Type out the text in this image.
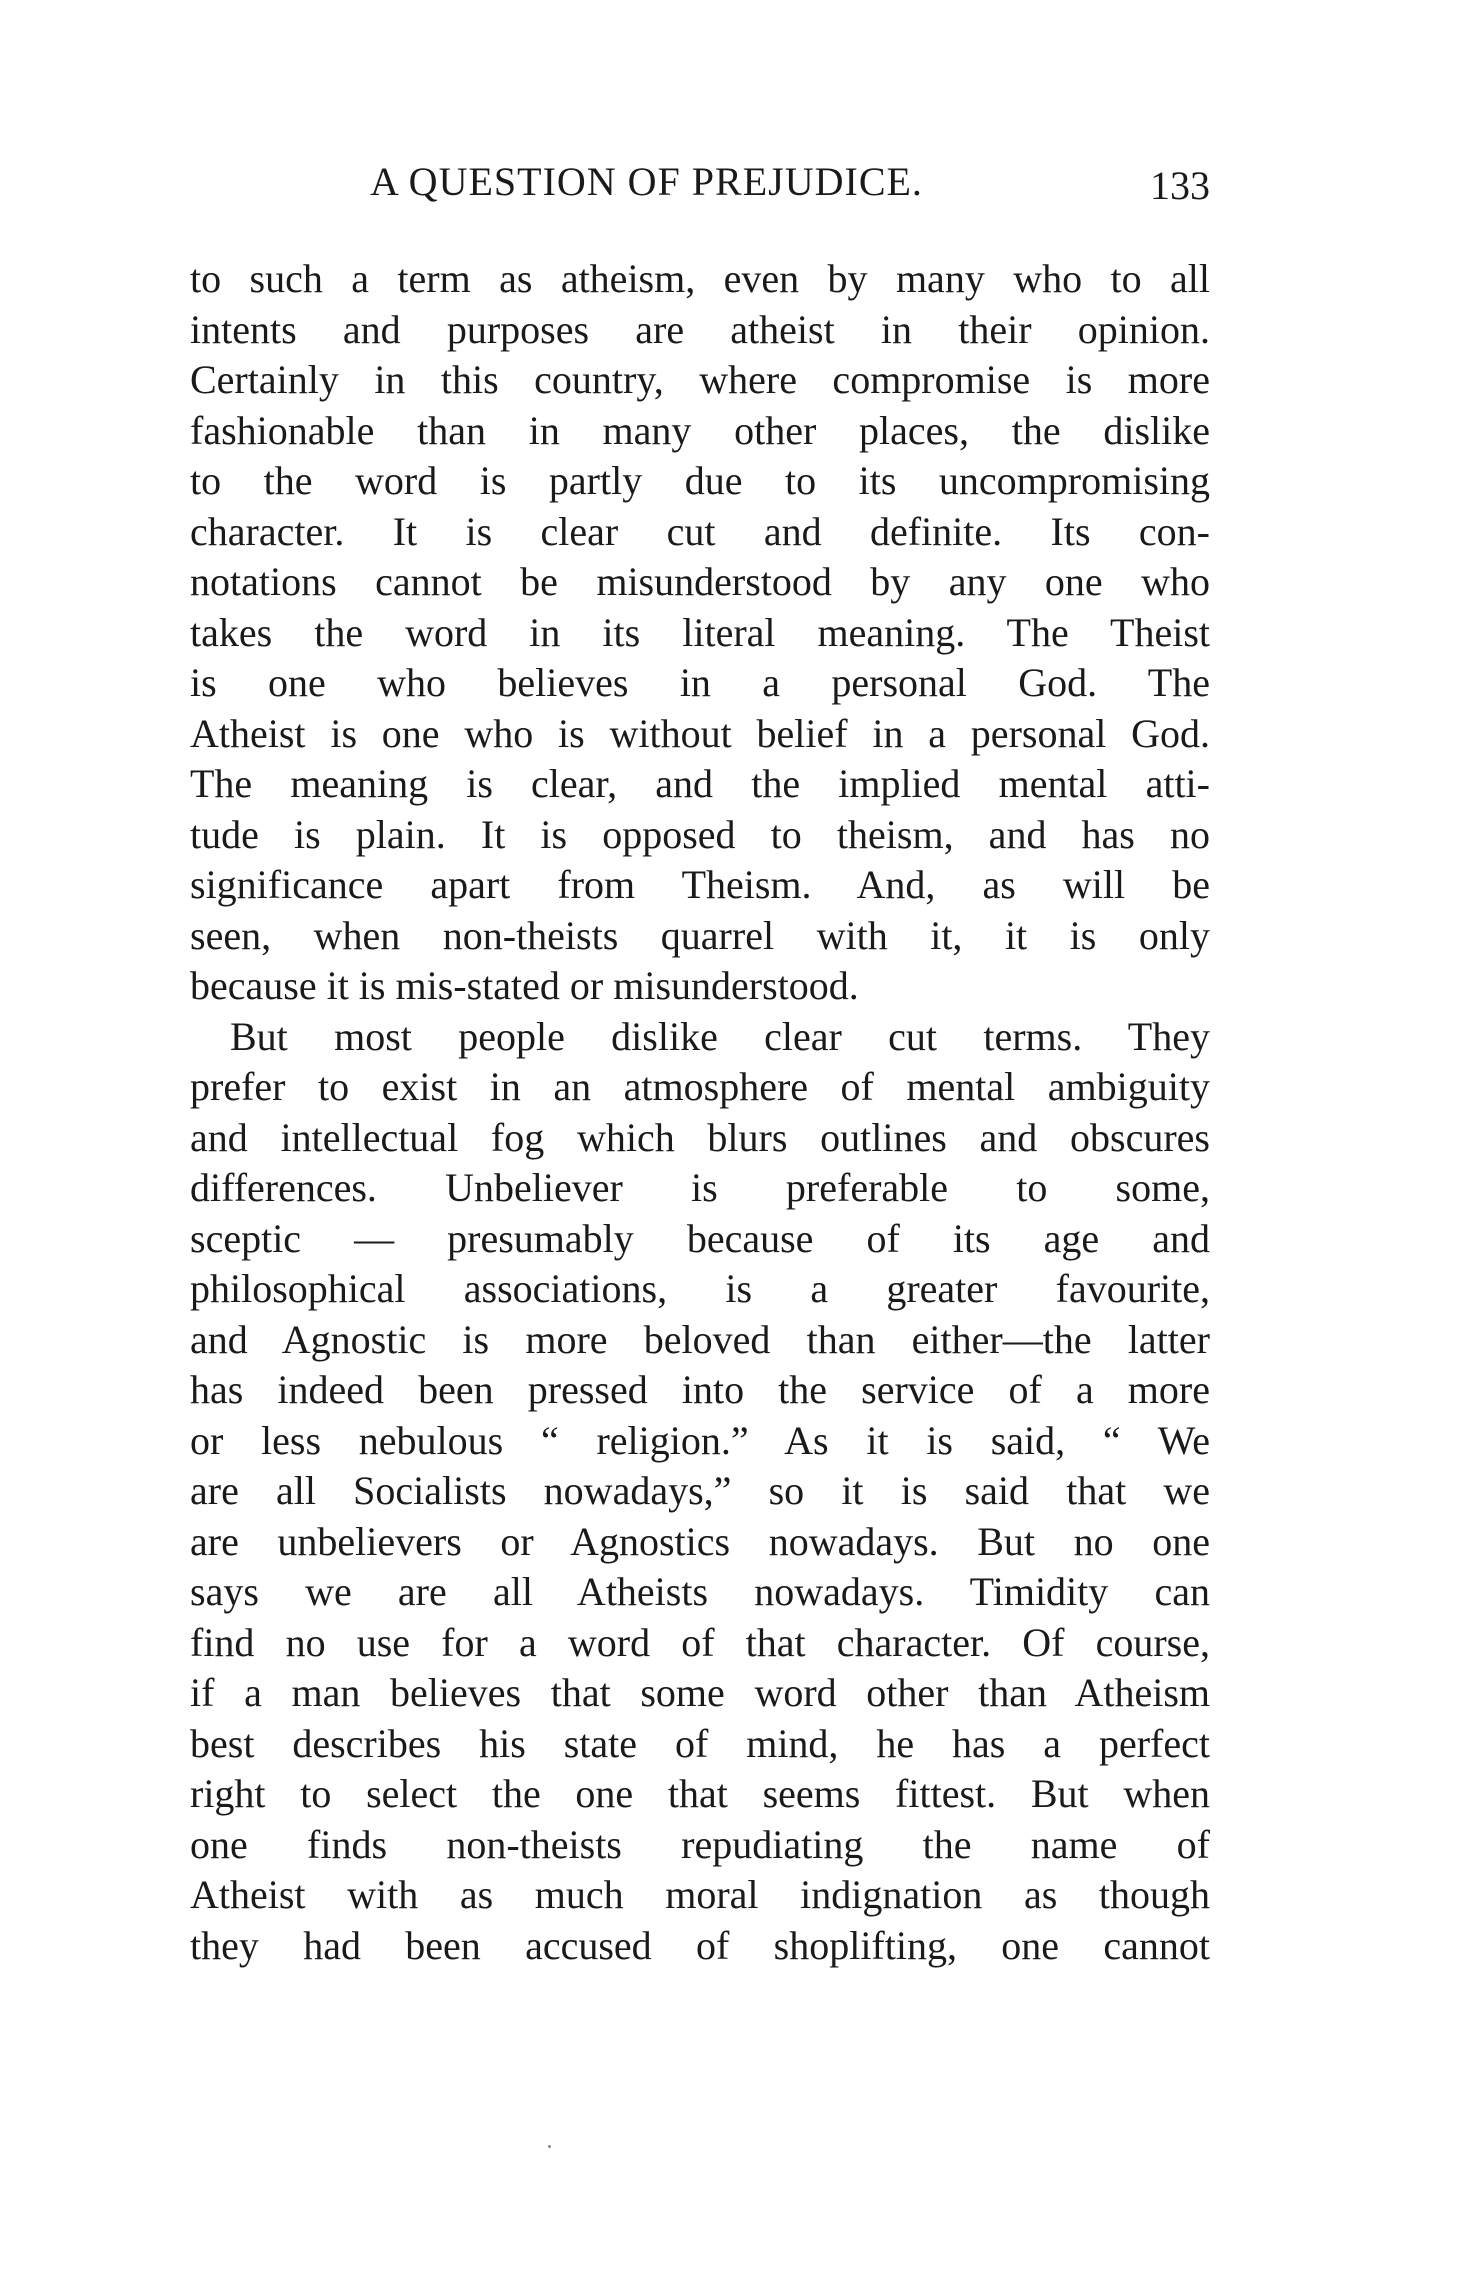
A QUESTION OF PREJUDICE.	133
to such a term as atheism, even by many who to all
intents and purposes are atheist in their opinion.
Certainly in this country, where compromise is more
fashionable than in many other places, the dislike
to the word is partly due to its uncompromising
character. It is clear cut and definite. Its con-
notations cannot be misunderstood by any one who
takes the word in its literal meaning. The Theist
is one who believes in a personal God. The
Atheist is one who is without belief in a personal God.
The meaning is clear, and the implied mental atti-
tude is plain. It is opposed to theism, and has no
significance apart from Theism. And, as will be
seen, when non-theists quarrel with it, it is only
because it is mis-stated or misunderstood.
But most people dislike clear cut terms. They
prefer to exist in an atmosphere of mental ambiguity
and intellectual fog which blurs outlines and obscures
differences. Unbeliever is preferable to some,
sceptic — presumably because of its age and
philosophical associations, is a greater favourite,
and Agnostic is more beloved than either—the latter
has indeed been pressed into the service of a more
or less nebulous “ religion.” As it is said, “ We
are all Socialists nowadays,” so it is said that we
are unbelievers or Agnostics nowadays. But no one
says we are all Atheists nowadays. Timidity can
find no use for a word of that character. Of course,
if a man believes that some word other than Atheism
best describes his state of mind, he has a perfect
right to select the one that seems fittest. But when
one finds non-theists repudiating the name of
Atheist with as much moral indignation as though
they had been accused of shoplifting, one cannot
